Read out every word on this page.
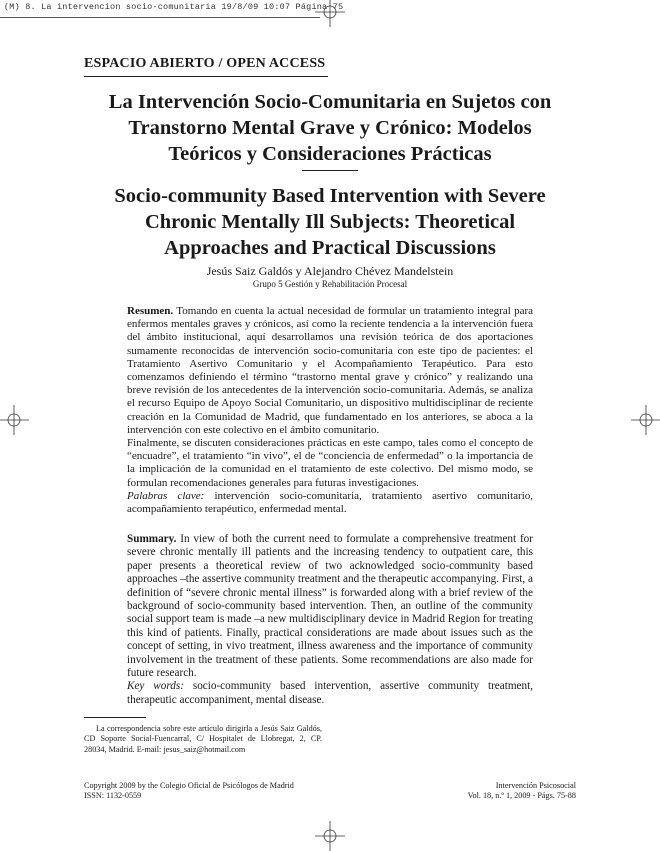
(M) 8. La intervencion socio-comunitaria 19/8/09 10:07 Página 75
ESPACIO ABIERTO / OPEN ACCESS
La Intervención Socio-Comunitaria en Sujetos con
Transtorno Mental Grave y Crónico: Modelos
Teóricos y Consideraciones Prácticas
Socio-community Based Intervention with Severe
Chronic Mentally Ill Subjects: Theoretical
Approaches and Practical Discussions
Jesús Saiz Galdós y Alejandro Chévez Mandelstein
Grupo 5 Gestión y Rehabilitación Procesal

Resumen. Tomando en cuenta la actual necesidad de formular un tratamiento integral para enfermos mentales graves y crónicos, así como la reciente tendencia a la intervención fuera del ámbito institucional, aquí desarrollamos una revisión teórica de dos aportaciones sumamente reconocidas de intervención socio-comunitaria con este tipo de pacientes: el Tratamiento Asertivo Comunitario y el Acompañamiento Terapéutico. Para esto comenzamos definiendo el término “trastorno mental grave y crónico” y realizando una breve revisión de los antecedentes de la intervención socio-comunitaria. Además, se analiza el recurso Equipo de Apoyo Social Comunitario, un dispositivo multidisciplinar de reciente creación en la Comunidad de Madrid, que fundamentado en los anteriores, se aboca a la intervención con este colectivo en el ámbito comunitario.

Finalmente, se discuten consideraciones prácticas en este campo, tales como el concepto de “encuadre”, el tratamiento “in vivo”, el de “conciencia de enfermedad” o la importancia de la implicación de la comunidad en el tratamiento de este colectivo. Del mismo modo, se formulan recomendaciones generales para futuras investigaciones.

Palabras clave: intervención socio-comunitaria, tratamiento asertivo comunitario, acompañamiento terapéutico, enfermedad mental.

Summary. In view of both the current need to formulate a comprehensive treatment for severe chronic mentally ill patients and the increasing tendency to outpatient care, this paper presents a theoretical review of two acknowledged socio-community based approaches –the assertive community treatment and the therapeutic accompanying. First, a definition of “severe chronic mental illness” is forwarded along with a brief review of the background of socio-community based intervention. Then, an outline of the community social support team is made –a new multidisciplinary device in Madrid Region for treating this kind of patients. Finally, practical considerations are made about issues such as the concept of setting, in vivo treatment, illness awareness and the importance of community involvement in the treatment of these patients. Some recommendations are also made for future research.

Key words: socio-community based intervention, assertive community treatment, therapeutic accompaniment, mental disease.

La correspondencia sobre este artículo dirigirla a Jesús Saiz Galdós, CD Soporte Social-Fuencarral, C/ Hospitalet de Llobregat, 2, CP. 28034, Madrid. E-mail: jesus_saiz@hotmail.com
Copyright 2009 by the Colegio Oficial de Psicólogos de Madrid
ISSN: 1132-0559
Intervención Psicosocial
Vol. 18, n.º 1, 2009 - Págs. 75-88
